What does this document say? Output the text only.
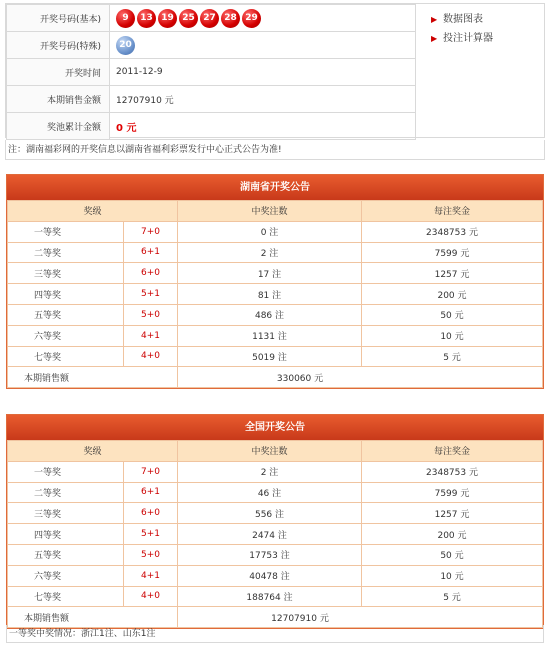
开奖号码(基本)	9 13 19 25 27 28 29
开奖号码(特殊)	20
开奖时间	2011-12-9
本期销售金额	12707910 元
奖池累计金额	0 元
▶ 数据图表
▶ 投注计算器
注：湖南福彩网的开奖信息以湖南省福利彩票发行中心正式公告为准!
湖南省开奖公告
奖级		中奖注数	每注奖金
一等奖	7+0	0 注	2348753 元
二等奖	6+1	2 注	7599 元
三等奖	6+0	17 注	1257 元
四等奖	5+1	81 注	200 元
五等奖	5+0	486 注	50 元
六等奖	4+1	1131 注	10 元
七等奖	4+0	5019 注	5 元
本期销售额		330060 元	
全国开奖公告
奖级		中奖注数	每注奖金
一等奖	7+0	2 注	2348753 元
二等奖	6+1	46 注	7599 元
三等奖	6+0	556 注	1257 元
四等奖	5+1	2474 注	200 元
五等奖	5+0	17753 注	50 元
六等奖	4+1	40478 注	10 元
七等奖	4+0	188764 注	5 元
本期销售额		12707910 元	
一等奖中奖情况：浙江1注、山东1注
